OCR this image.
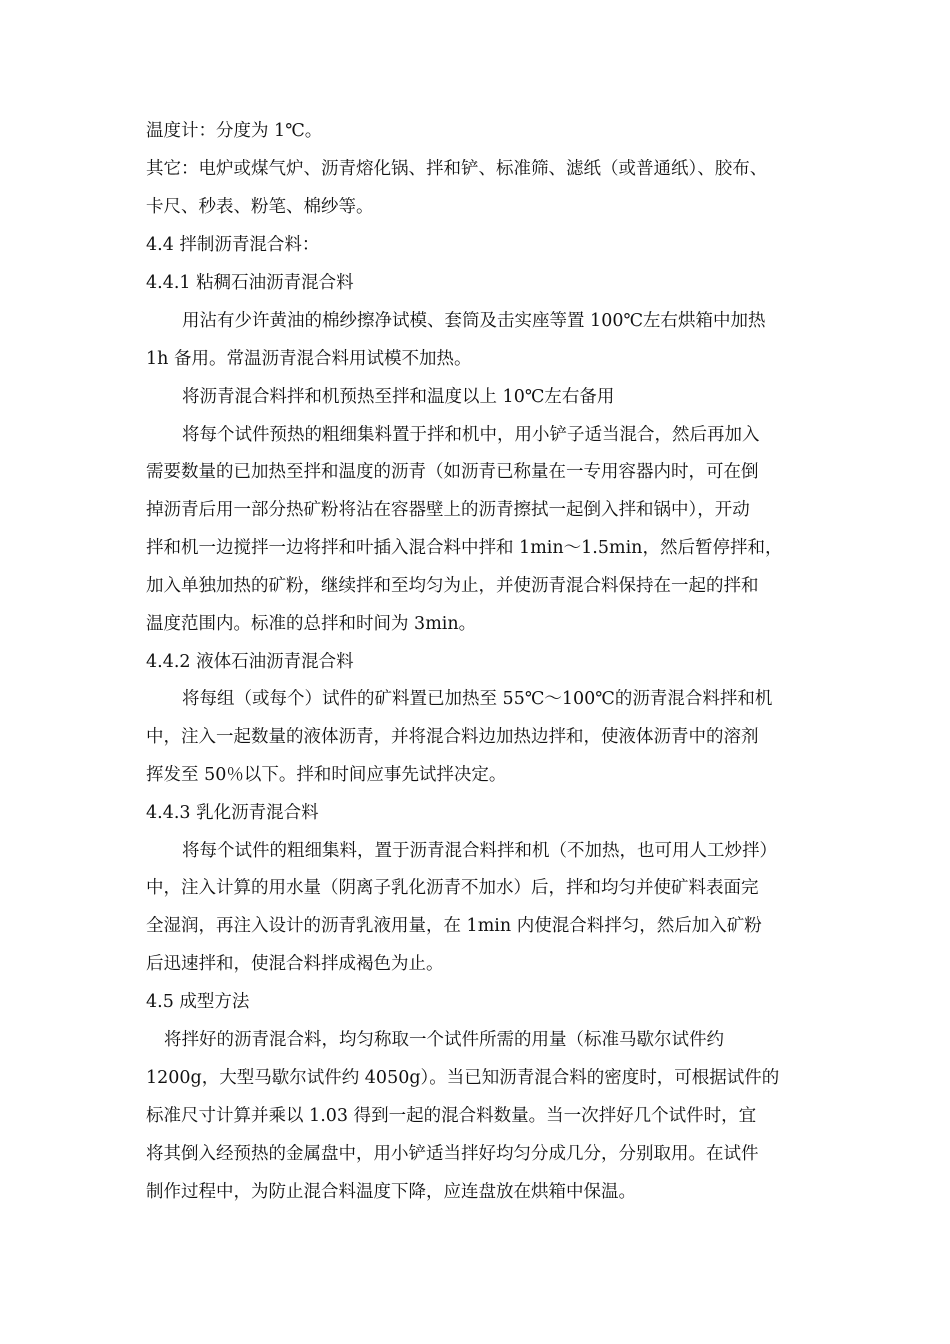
温度计：分度为 1℃。
其它：电炉或煤气炉、沥青熔化锅、拌和铲、标准筛、滤纸（或普通纸）、胶布、
卡尺、秒表、粉笔、棉纱等。
4.4 拌制沥青混合料：
4.4.1 粘稠石油沥青混合料
用沾有少许黄油的棉纱擦净试模、套筒及击实座等置 100℃左右烘箱中加热
1h 备用。常温沥青混合料用试模不加热。
将沥青混合料拌和机预热至拌和温度以上 10℃左右备用
将每个试件预热的粗细集料置于拌和机中，用小铲子适当混合，然后再加入
需要数量的已加热至拌和温度的沥青（如沥青已称量在一专用容器内时，可在倒
掉沥青后用一部分热矿粉将沾在容器壁上的沥青擦拭一起倒入拌和锅中），开动
拌和机一边搅拌一边将拌和叶插入混合料中拌和 1min～1.5min，然后暂停拌和，
加入单独加热的矿粉，继续拌和至均匀为止，并使沥青混合料保持在一起的拌和
温度范围内。标准的总拌和时间为 3min。
4.4.2 液体石油沥青混合料
将每组（或每个）试件的矿料置已加热至 55℃～100℃的沥青混合料拌和机
中，注入一起数量的液体沥青，并将混合料边加热边拌和，使液体沥青中的溶剂
挥发至 50％以下。拌和时间应事先试拌决定。
4.4.3 乳化沥青混合料
将每个试件的粗细集料，置于沥青混合料拌和机（不加热，也可用人工炒拌）
中，注入计算的用水量（阴离子乳化沥青不加水）后，拌和均匀并使矿料表面完
全湿润，再注入设计的沥青乳液用量，在 1min 内使混合料拌匀，然后加入矿粉
后迅速拌和，使混合料拌成褐色为止。
4.5 成型方法
将拌好的沥青混合料，均匀称取一个试件所需的用量（标准马歇尔试件约
1200g，大型马歇尔试件约 4050g）。当已知沥青混合料的密度时，可根据试件的
标准尺寸计算并乘以 1.03 得到一起的混合料数量。当一次拌好几个试件时，宜
将其倒入经预热的金属盘中，用小铲适当拌好均匀分成几分，分别取用。在试件
制作过程中，为防止混合料温度下降，应连盘放在烘箱中保温。
